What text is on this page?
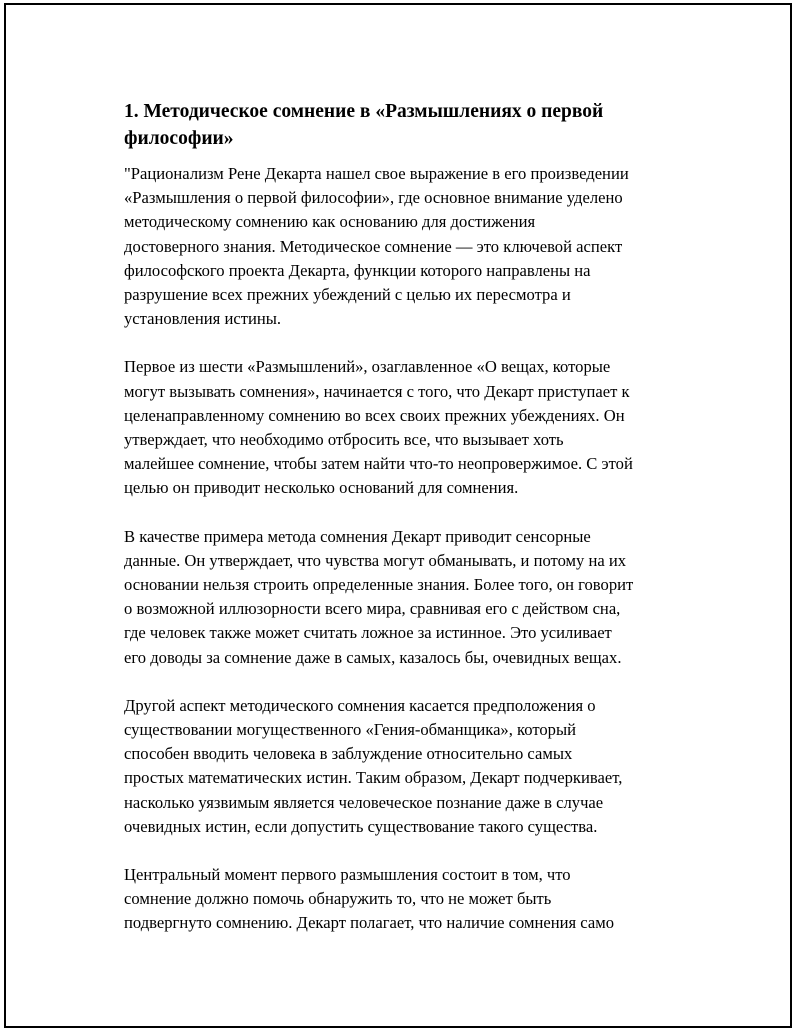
1. Методическое сомнение в «Размышлениях о первой
философии»

"Рационализм Рене Декарта нашел свое выражение в его произведении
«Размышления о первой философии», где основное внимание уделено
методическому сомнению как основанию для достижения
достоверного знания. Методическое сомнение — это ключевой аспект
философского проекта Декарта, функции которого направлены на
разрушение всех прежних убеждений с целью их пересмотра и
установления истины.

Первое из шести «Размышлений», озаглавленное «О вещах, которые
могут вызывать сомнения», начинается с того, что Декарт приступает к
целенаправленному сомнению во всех своих прежних убеждениях. Он
утверждает, что необходимо отбросить все, что вызывает хоть
малейшее сомнение, чтобы затем найти что-то неопровержимое. С этой
целью он приводит несколько оснований для сомнения.

В качестве примера метода сомнения Декарт приводит сенсорные
данные. Он утверждает, что чувства могут обманывать, и потому на их
основании нельзя строить определенные знания. Более того, он говорит
о возможной иллюзорности всего мира, сравнивая его с действом сна,
где человек также может считать ложное за истинное. Это усиливает
его доводы за сомнение даже в самых, казалось бы, очевидных вещах.

Другой аспект методического сомнения касается предположения о
существовании могущественного «Гения-обманщика», который
способен вводить человека в заблуждение относительно самых
простых математических истин. Таким образом, Декарт подчеркивает,
насколько уязвимым является человеческое познание даже в случае
очевидных истин, если допустить существование такого существа.

Центральный момент первого размышления состоит в том, что
сомнение должно помочь обнаружить то, что не может быть
подвергнуто сомнению. Декарт полагает, что наличие сомнения само
